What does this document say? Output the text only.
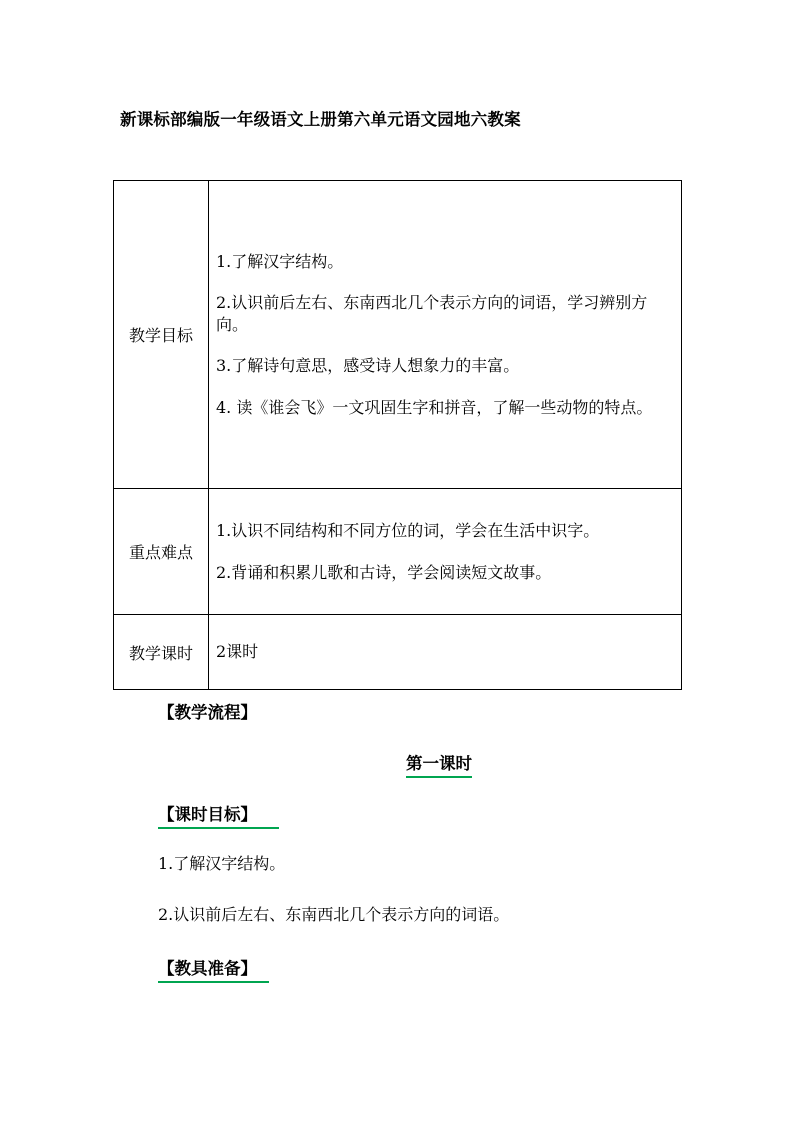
新课标部编版一年级语文上册第六单元语文园地六教案
教学目标	1.了解汉字结构。

2.认识前后左右、东南西北几个表示方向的词语，学习辨别方向。

3.了解诗句意思，感受诗人想象力的丰富。

4. 读《谁会飞》一文巩固生字和拼音，了解一些动物的特点。

重点难点	1.认识不同结构和不同方位的词，学会在生活中识字。

2.背诵和积累儿歌和古诗，学会阅读短文故事。

教学课时	2课时
【教学流程】
第一课时
【课时目标】
1.了解汉字结构。
2.认识前后左右、东南西北几个表示方向的词语。
【教具准备】
